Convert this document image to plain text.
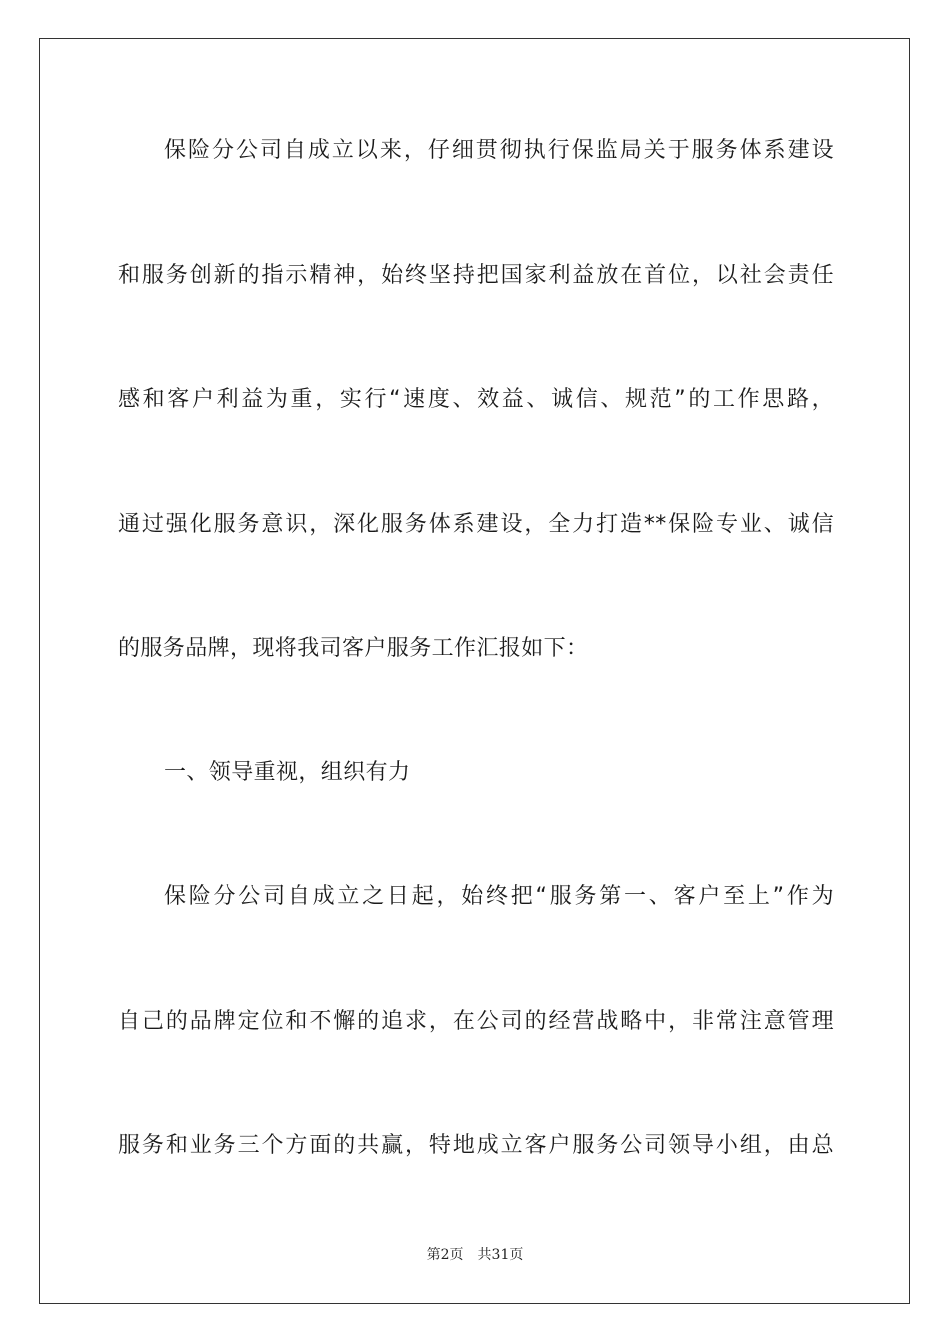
保险分公司自成立以来，仔细贯彻执行保监局关于服务体系建设
和服务创新的指示精神，始终坚持把国家利益放在首位，以社会责任
感和客户利益为重，实行“速度、效益、诚信、规范”的工作思路，
通过强化服务意识，深化服务体系建设，全力打造**保险专业、诚信
的服务品牌，现将我司客户服务工作汇报如下：
一、领导重视，组织有力
保险分公司自成立之日起，始终把“服务第一、客户至上”作为
自己的品牌定位和不懈的追求，在公司的经营战略中，非常注意管理
服务和业务三个方面的共赢，特地成立客户服务公司领导小组，由总
第2页 共31页
